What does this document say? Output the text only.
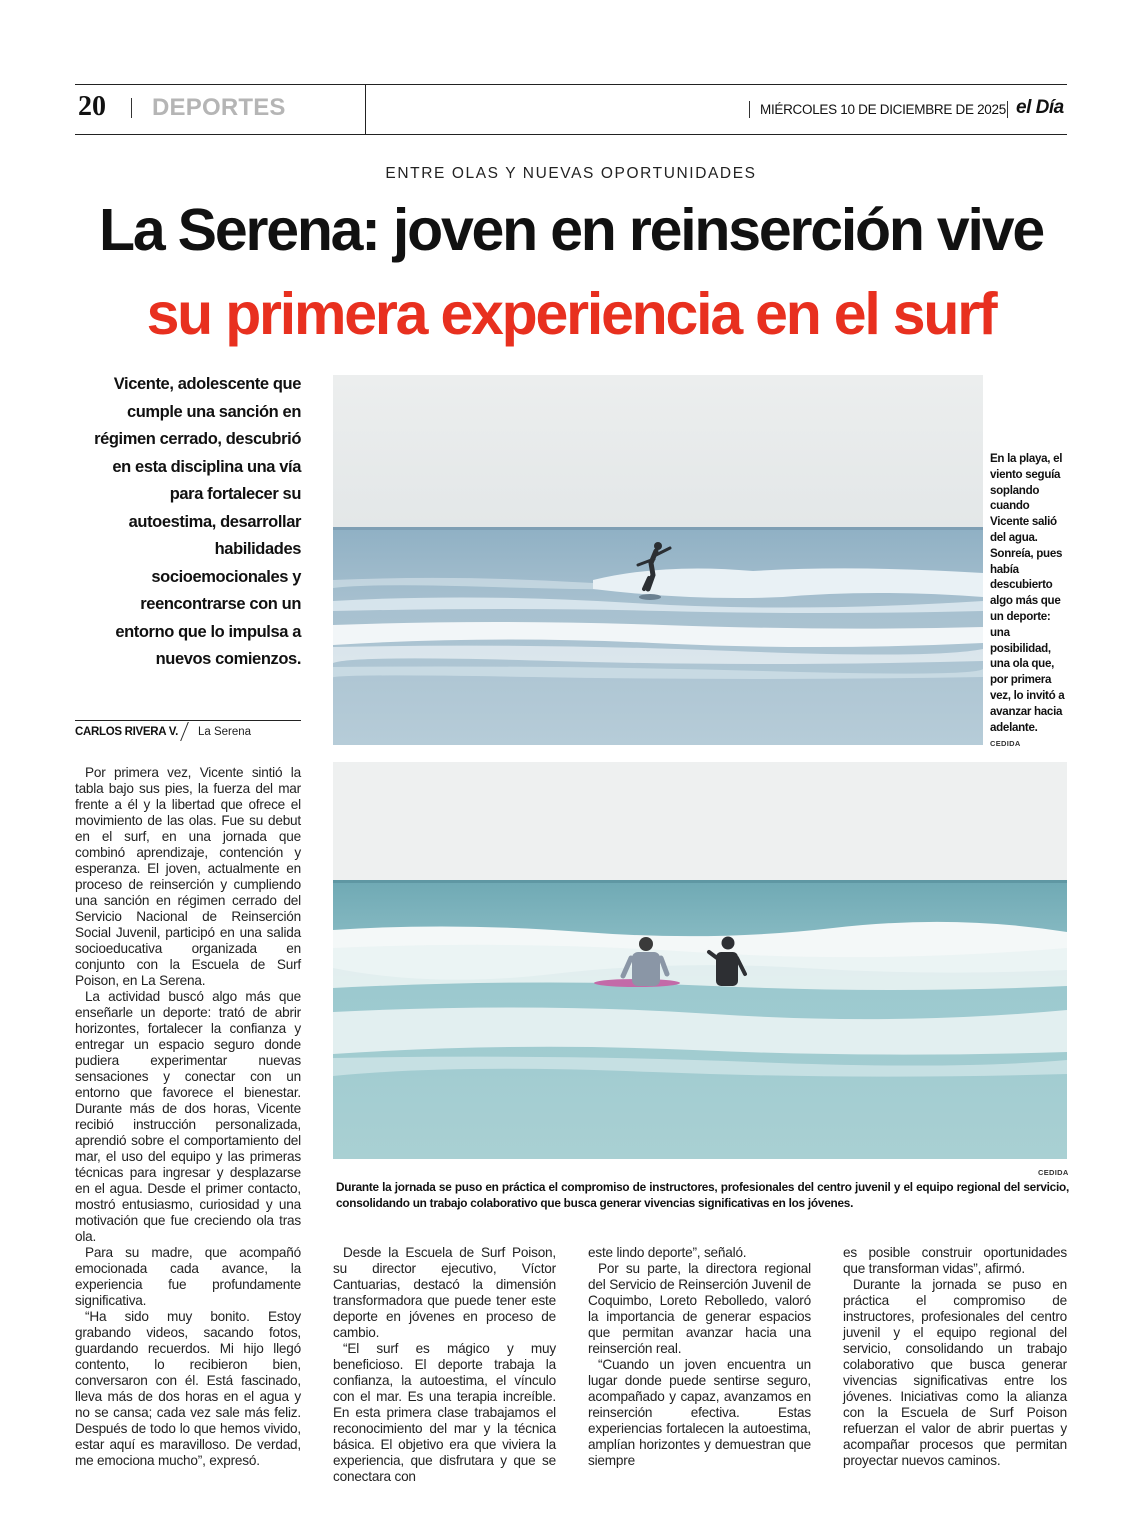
20 DEPORTES	MIÉRCOLES 10 DE DICIEMBRE DE 2025 el Día
ENTRE OLAS Y NUEVAS OPORTUNIDADES
La Serena: joven en reinserción vive
su primera experiencia en el surf
Vicente, adolescente que cumple una sanción en régimen cerrado, descubrió en esta disciplina una vía para fortalecer su autoestima, desarrollar habilidades socioemocionales y reencontrarse con un entorno que lo impulsa a nuevos comienzos.
CARLOS RIVERA V. La Serena
En la playa, el viento seguía soplando cuando Vicente salió del agua. Sonreía, pues había descubierto algo más que un deporte: una posibilidad, una ola que, por primera vez, lo invitó a avanzar hacia adelante.
CEDIDA
CEDIDA
Durante la jornada se puso en práctica el compromiso de instructores, profesionales del centro juvenil y el equipo regional del servicio, consolidando un trabajo colaborativo que busca generar vivencias significativas en los jóvenes.

Por primera vez, Vicente sintió la tabla bajo sus pies, la fuerza del mar frente a él y la libertad que ofrece el movimiento de las olas. Fue su debut en el surf, en una jornada que combinó aprendizaje, contención y esperanza. El joven, actualmente en proceso de reinserción y cumpliendo una sanción en régimen cerrado del Servicio Nacional de Reinserción Social Juvenil, participó en una salida socioeducativa organizada en conjunto con la Escuela de Surf Poison, en La Serena.

La actividad buscó algo más que enseñarle un deporte: trató de abrir horizontes, fortalecer la confianza y entregar un espacio seguro donde pudiera experimentar nuevas sensaciones y conectar con un entorno que favorece el bienestar. Durante más de dos horas, Vicente recibió instrucción personalizada, aprendió sobre el comportamiento del mar, el uso del equipo y las primeras técnicas para ingresar y desplazarse en el agua. Desde el primer contacto, mostró entusiasmo, curiosidad y una motivación que fue creciendo ola tras ola.

Para su madre, que acompañó emocionada cada avance, la experiencia fue profundamente significativa.

“Ha sido muy bonito. Estoy grabando videos, sacando fotos, guardando recuerdos. Mi hijo llegó contento, lo recibieron bien, conversaron con él. Está fascinado, lleva más de dos horas en el agua y no se cansa; cada vez sale más feliz. Después de todo lo que hemos vivido, estar aquí es maravilloso. De verdad, me emociona mucho”, expresó.

Desde la Escuela de Surf Poison, su director ejecutivo, Víctor Cantuarias, destacó la dimensión transformadora que puede tener este deporte en jóvenes en proceso de cambio.

“El surf es mágico y muy beneficioso. El deporte trabaja la confianza, la autoestima, el vínculo con el mar. Es una terapia increíble. En esta primera clase trabajamos el reconocimiento del mar y la técnica básica. El objetivo era que viviera la experiencia, que disfrutara y que se conectara con

este lindo deporte”, señaló.

Por su parte, la directora regional del Servicio de Reinserción Juvenil de Coquimbo, Loreto Rebolledo, valoró la importancia de generar espacios que permitan avanzar hacia una reinserción real.

“Cuando un joven encuentra un lugar donde puede sentirse seguro, acompañado y capaz, avanzamos en reinserción efectiva. Estas experiencias fortalecen la autoestima, amplían horizontes y demuestran que siempre

es posible construir oportunidades que transforman vidas”, afirmó.

Durante la jornada se puso en práctica el compromiso de instructores, profesionales del centro juvenil y el equipo regional del servicio, consolidando un trabajo colaborativo que busca generar vivencias significativas entre los jóvenes. Iniciativas como la alianza con la Escuela de Surf Poison refuerzan el valor de abrir puertas y acompañar procesos que permitan proyectar nuevos caminos.
